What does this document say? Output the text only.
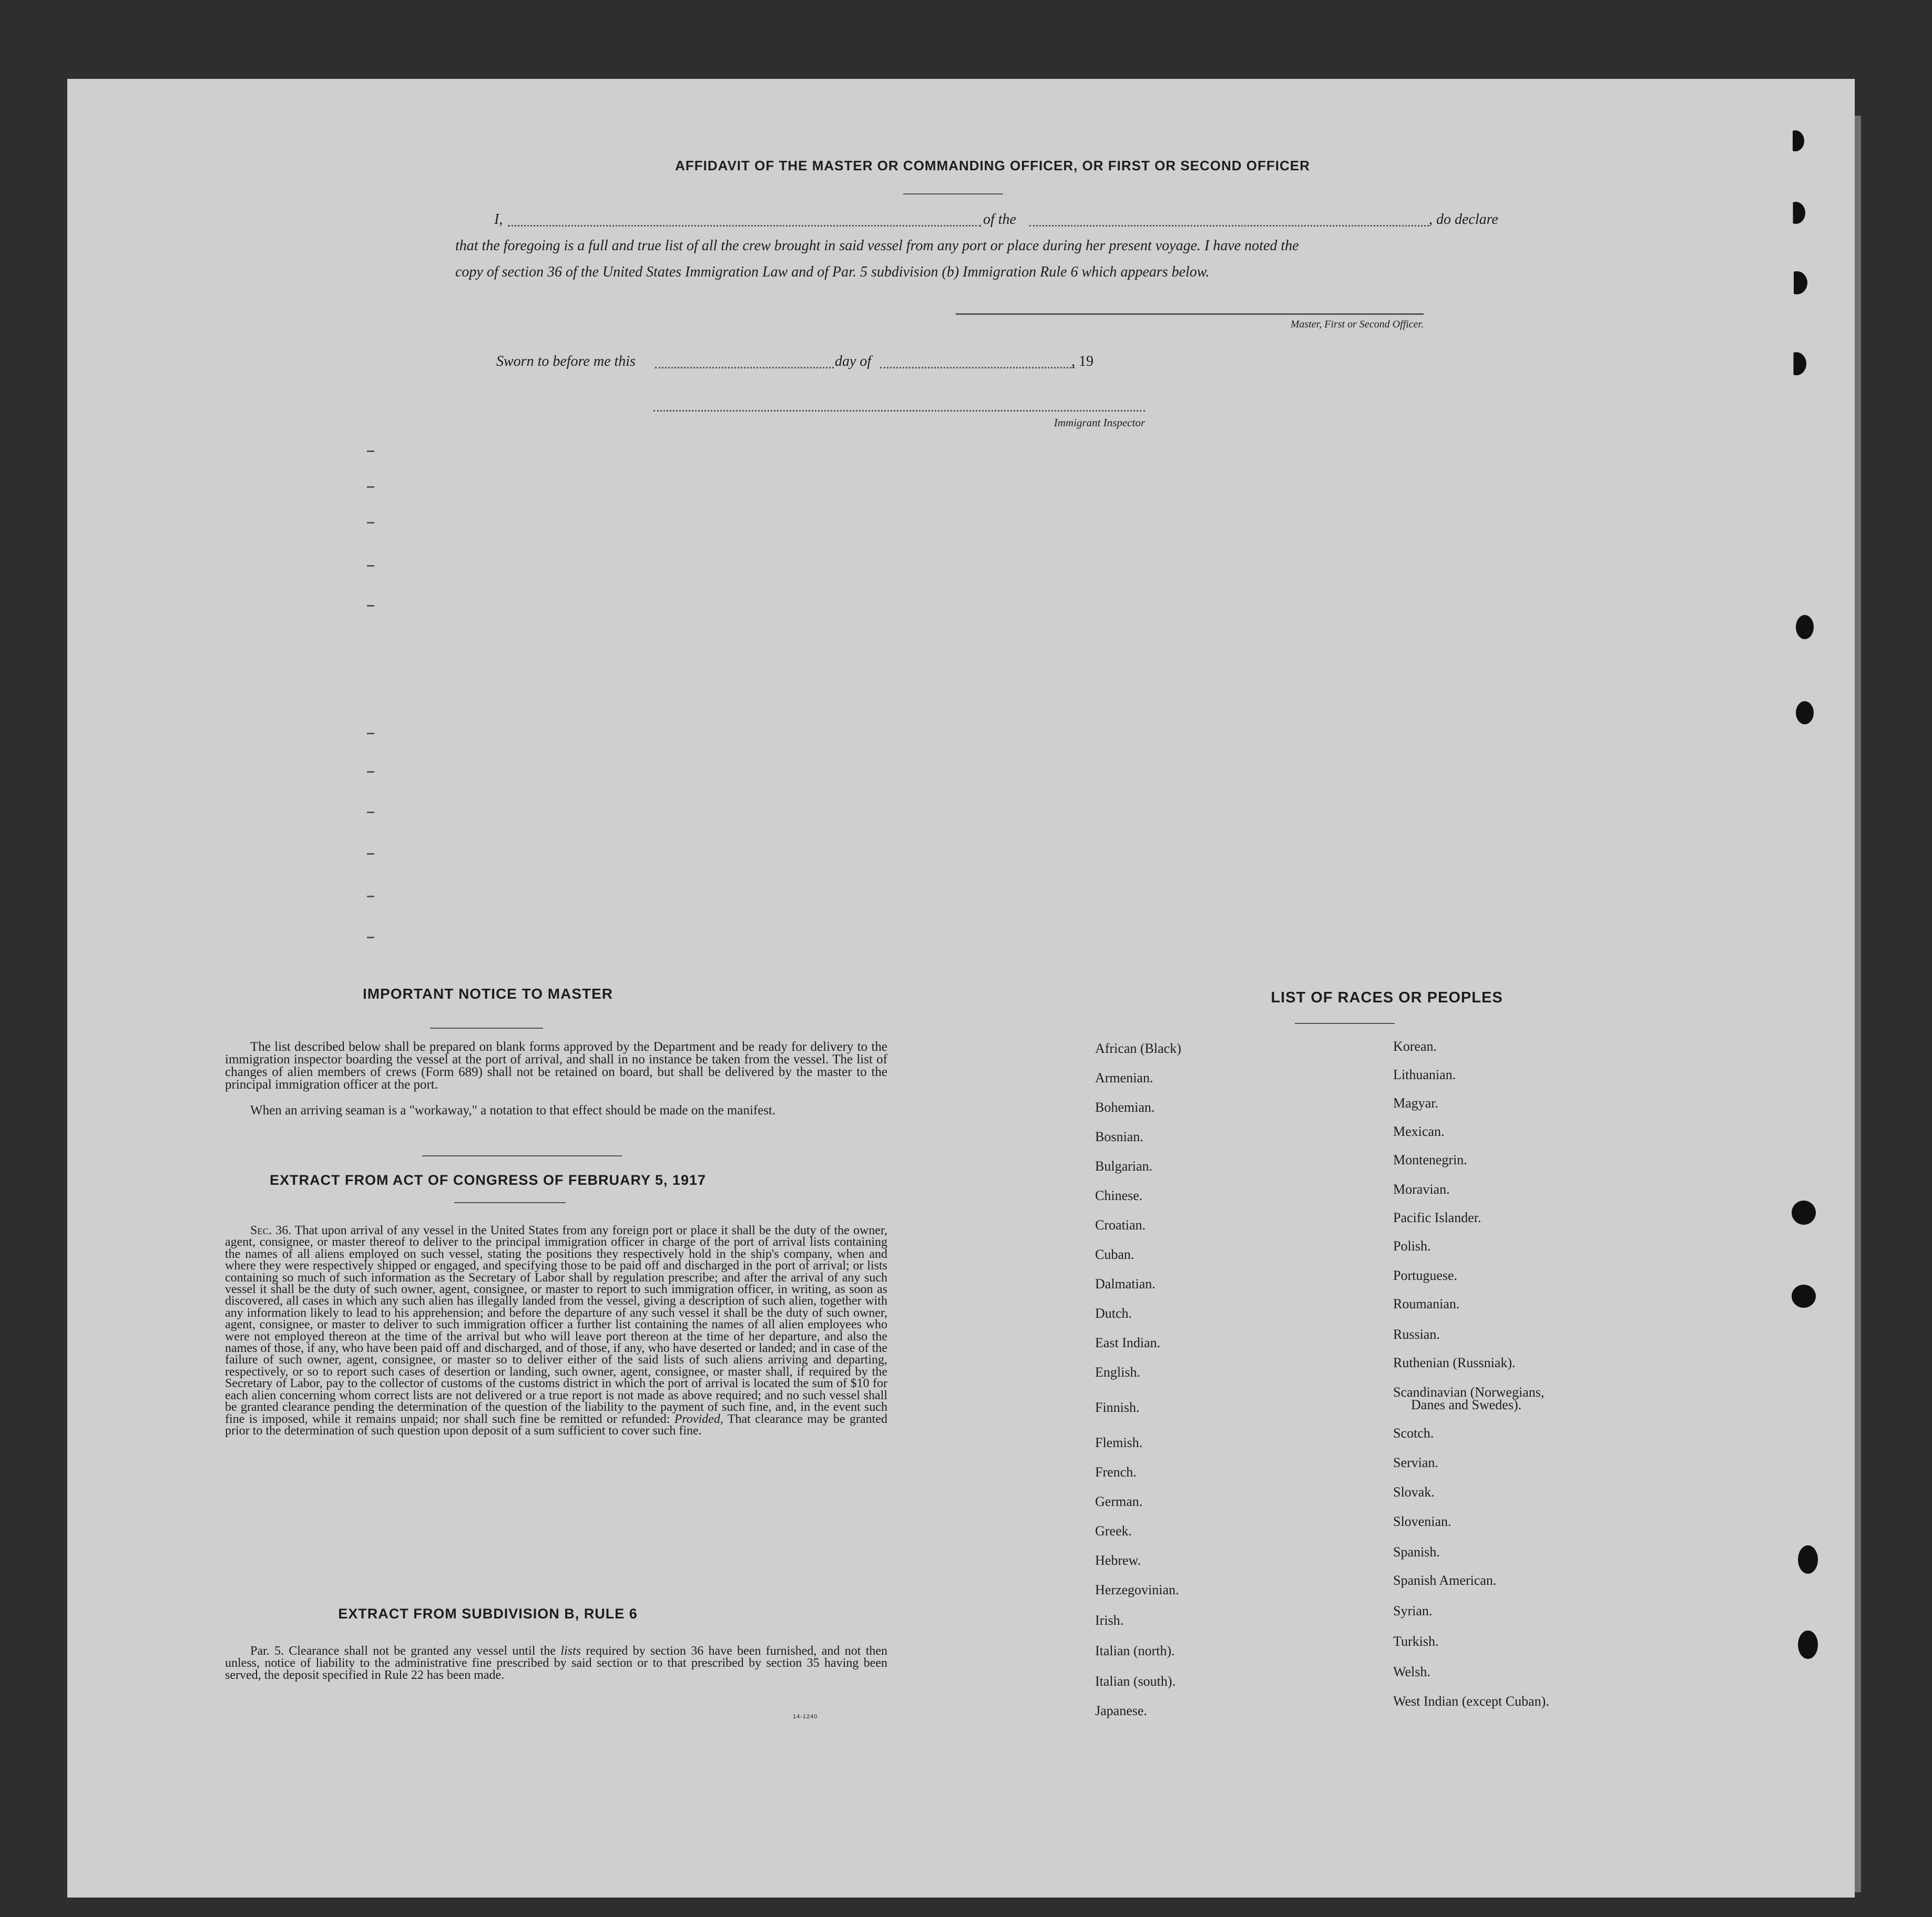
AFFIDAVIT OF THE MASTER OR COMMANDING OFFICER, OR FIRST OR SECOND OFFICER
I,	of the	, do declare
that the foregoing is a full and true list of all the crew brought in said vessel from any port or place during her present voyage. I have noted the
copy of section 36 of the United States Immigration Law and of Par. 5 subdivision (b) Immigration Rule 6 which appears below.
Master, First or Second Officer.
Sworn to before me this	day of	, 19
Immigrant Inspector
IMPORTANT NOTICE TO MASTER
The list described below shall be prepared on blank forms approved by the Department and be ready for delivery to the immigration inspector boarding the vessel at the port of arrival, and shall in no instance be taken from the vessel. The list of changes of alien members of crews (Form 689) shall not be retained on board, but shall be delivered by the master to the principal immigration officer at the port.
When an arriving seaman is a "workaway," a notation to that effect should be made on the manifest.
EXTRACT FROM ACT OF CONGRESS OF FEBRUARY 5, 1917
Sec. 36. That upon arrival of any vessel in the United States from any foreign port or place it shall be the duty of the owner, agent, consignee, or master thereof to deliver to the principal immigration officer in charge of the port of arrival lists containing the names of all aliens employed on such vessel, stating the positions they respectively hold in the ship's company, when and where they were respectively shipped or engaged, and specifying those to be paid off and discharged in the port of arrival; or lists containing so much of such information as the Secretary of Labor shall by regulation prescribe; and after the arrival of any such vessel it shall be the duty of such owner, agent, consignee, or master to report to such immigration officer, in writing, as soon as discovered, all cases in which any such alien has illegally landed from the vessel, giving a description of such alien, together with any information likely to lead to his apprehension; and before the departure of any such vessel it shall be the duty of such owner, agent, consignee, or master to deliver to such immigration officer a further list containing the names of all alien employees who were not employed thereon at the time of the arrival but who will leave port thereon at the time of her departure, and also the names of those, if any, who have been paid off and discharged, and of those, if any, who have deserted or landed; and in case of the failure of such owner, agent, consignee, or master so to deliver either of the said lists of such aliens arriving and departing, respectively, or so to report such cases of desertion or landing, such owner, agent, consignee, or master shall, if required by the Secretary of Labor, pay to the collector of customs of the customs district in which the port of arrival is located the sum of $10 for each alien concerning whom correct lists are not delivered or a true report is not made as above required; and no such vessel shall be granted clearance pending the determination of the question of the liability to the payment of such fine, and, in the event such fine is imposed, while it remains unpaid; nor shall such fine be remitted or refunded: Provided, That clearance may be granted prior to the determination of such question upon deposit of a sum sufficient to cover such fine.
EXTRACT FROM SUBDIVISION B, RULE 6
Par. 5. Clearance shall not be granted any vessel until the lists required by section 36 have been furnished, and not then unless, notice of liability to the administrative fine prescribed by said section or to that prescribed by section 35 having been served, the deposit specified in Rule 22 has been made.
14-1240
LIST OF RACES OR PEOPLES
African (Black)
Armenian.
Bohemian.
Bosnian.
Bulgarian.
Chinese.
Croatian.
Cuban.
Dalmatian.
Dutch.
East Indian.
English.
Finnish.
Flemish.
French.
German.
Greek.
Hebrew.
Herzegovinian.
Irish.
Italian (north).
Italian (south).
Japanese.
Korean.
Lithuanian.
Magyar.
Mexican.
Montenegrin.
Moravian.
Pacific Islander.
Polish.
Portuguese.
Roumanian.
Russian.
Ruthenian (Russniak).
Scandinavian (Norwegians,
Danes and Swedes).
Scotch.
Servian.
Slovak.
Slovenian.
Spanish.
Spanish American.
Syrian.
Turkish.
Welsh.
West Indian (except Cuban).
